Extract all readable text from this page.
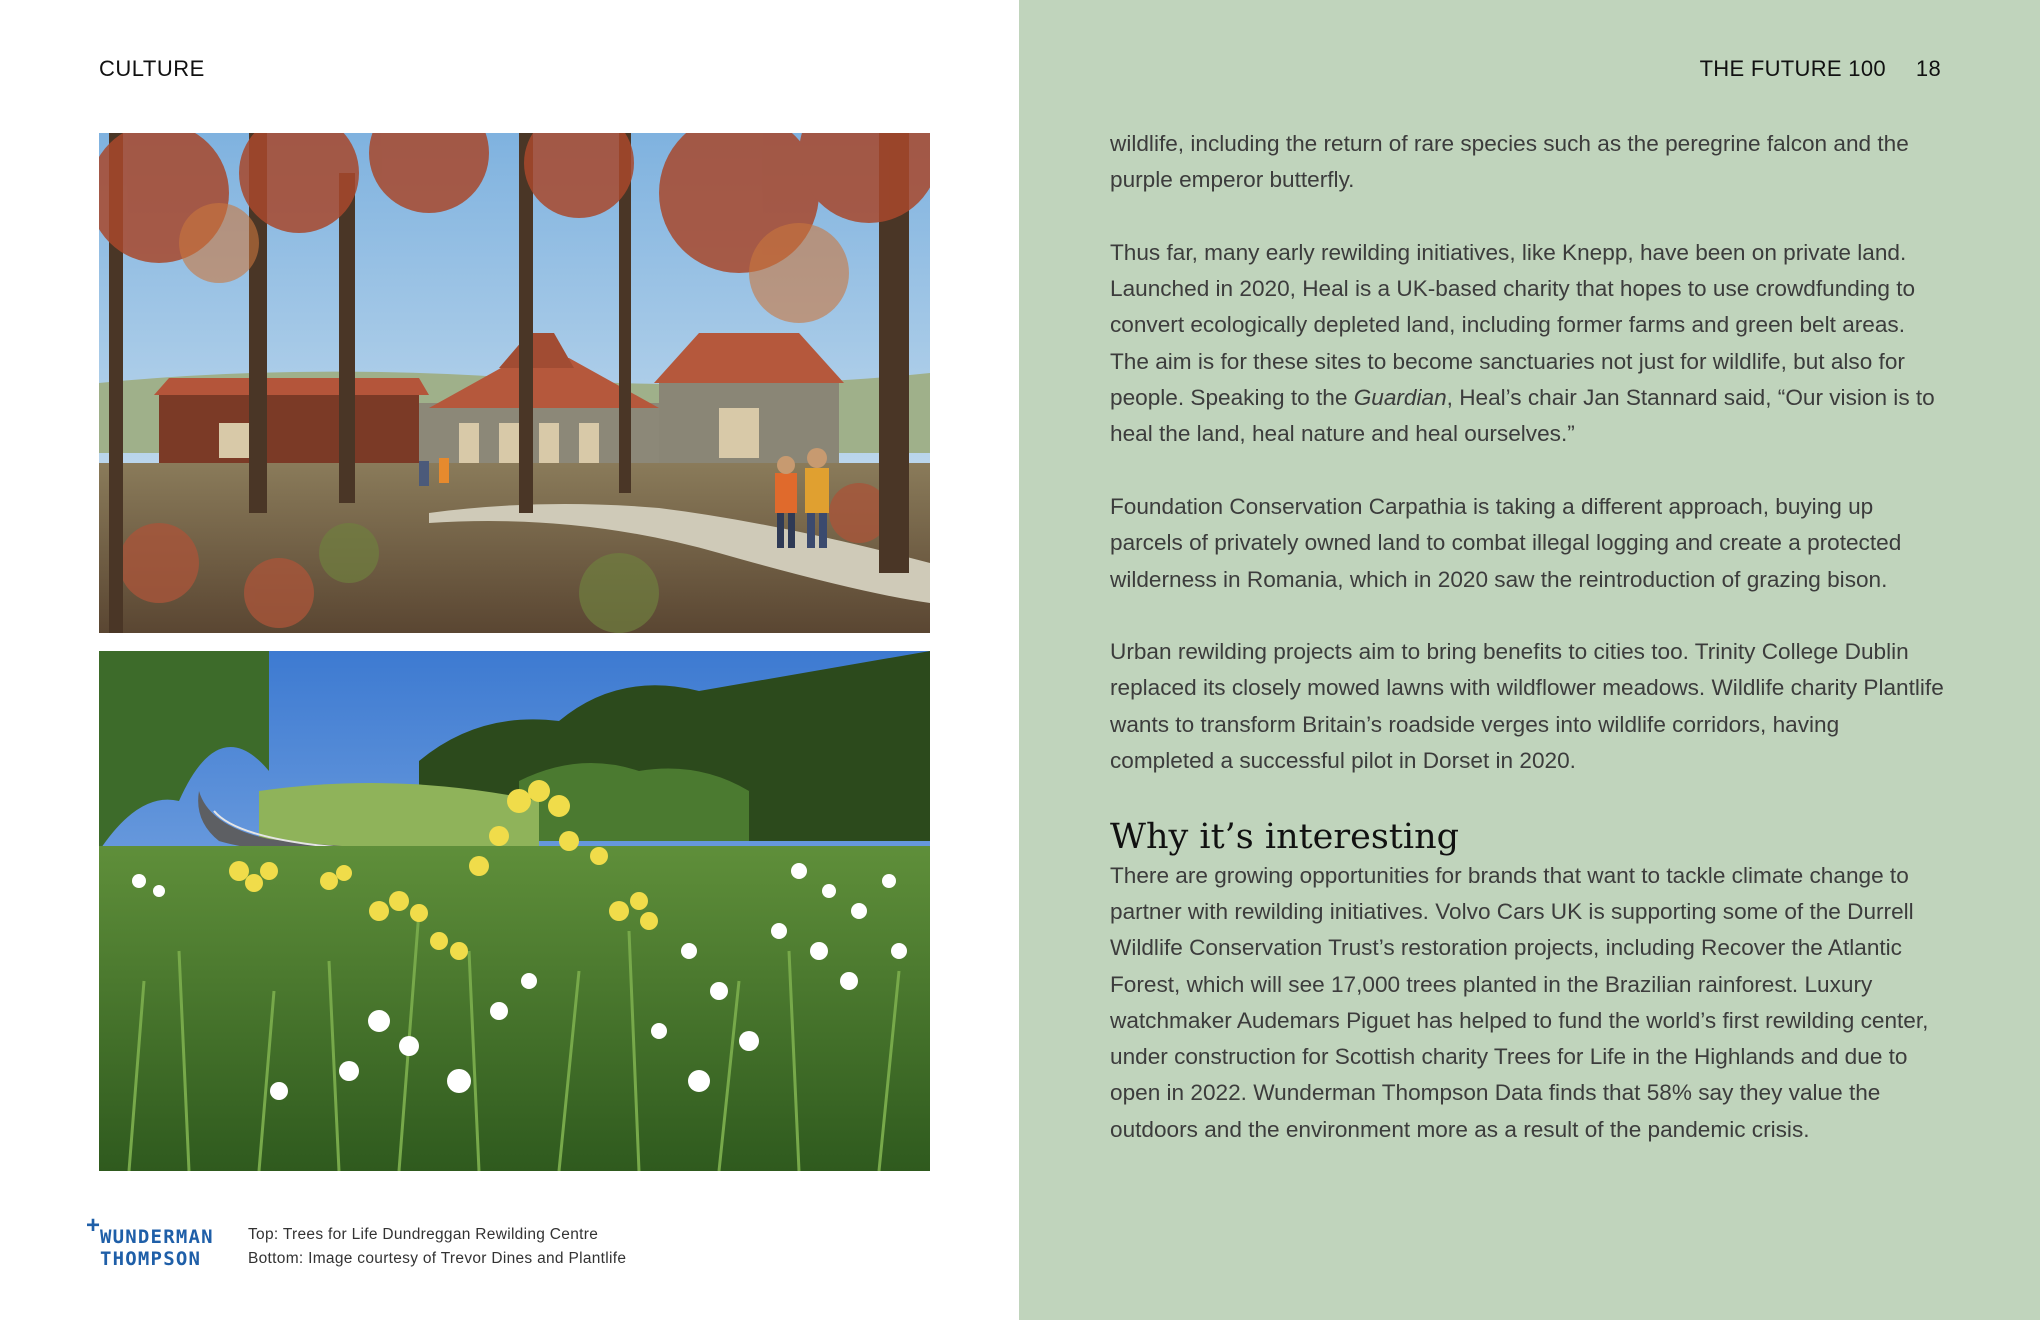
CULTURE
+ WUNDERMAN
THOMPSON
Top: Trees for Life Dundreggan Rewilding Centre
Bottom: Image courtesy of Trevor Dines and Plantlife
THE FUTURE 100 18

wildlife, including the return of rare species such as the peregrine falcon and the purple emperor butterfly.

Thus far, many early rewilding initiatives, like Knepp, have been on private land. Launched in 2020, Heal is a UK-based charity that hopes to use crowdfunding to convert ecologically depleted land, including former farms and green belt areas. The aim is for these sites to become sanctuaries not just for wildlife, but also for people. Speaking to the Guardian, Heal’s chair Jan Stannard said, “Our vision is to heal the land, heal nature and heal ourselves.”

Foundation Conservation Carpathia is taking a different approach, buying up parcels of privately owned land to combat illegal logging and create a protected wilderness in Romania, which in 2020 saw the reintroduction of grazing bison.

Urban rewilding projects aim to bring benefits to cities too. Trinity College Dublin replaced its closely mowed lawns with wildflower meadows. Wildlife charity Plantlife wants to transform Britain’s roadside verges into wildlife corridors, having completed a successful pilot in Dorset in 2020.

Why it’s interesting

There are growing opportunities for brands that want to tackle climate change to partner with rewilding initiatives. Volvo Cars UK is supporting some of the Durrell Wildlife Conservation Trust’s restoration projects, including Recover the Atlantic Forest, which will see 17,000 trees planted in the Brazilian rainforest. Luxury watchmaker Audemars Piguet has helped to fund the world’s first rewilding center, under construction for Scottish charity Trees for Life in the Highlands and due to open in 2022. Wunderman Thompson Data finds that 58% say they value the outdoors and the environment more as a result of the pandemic crisis.
